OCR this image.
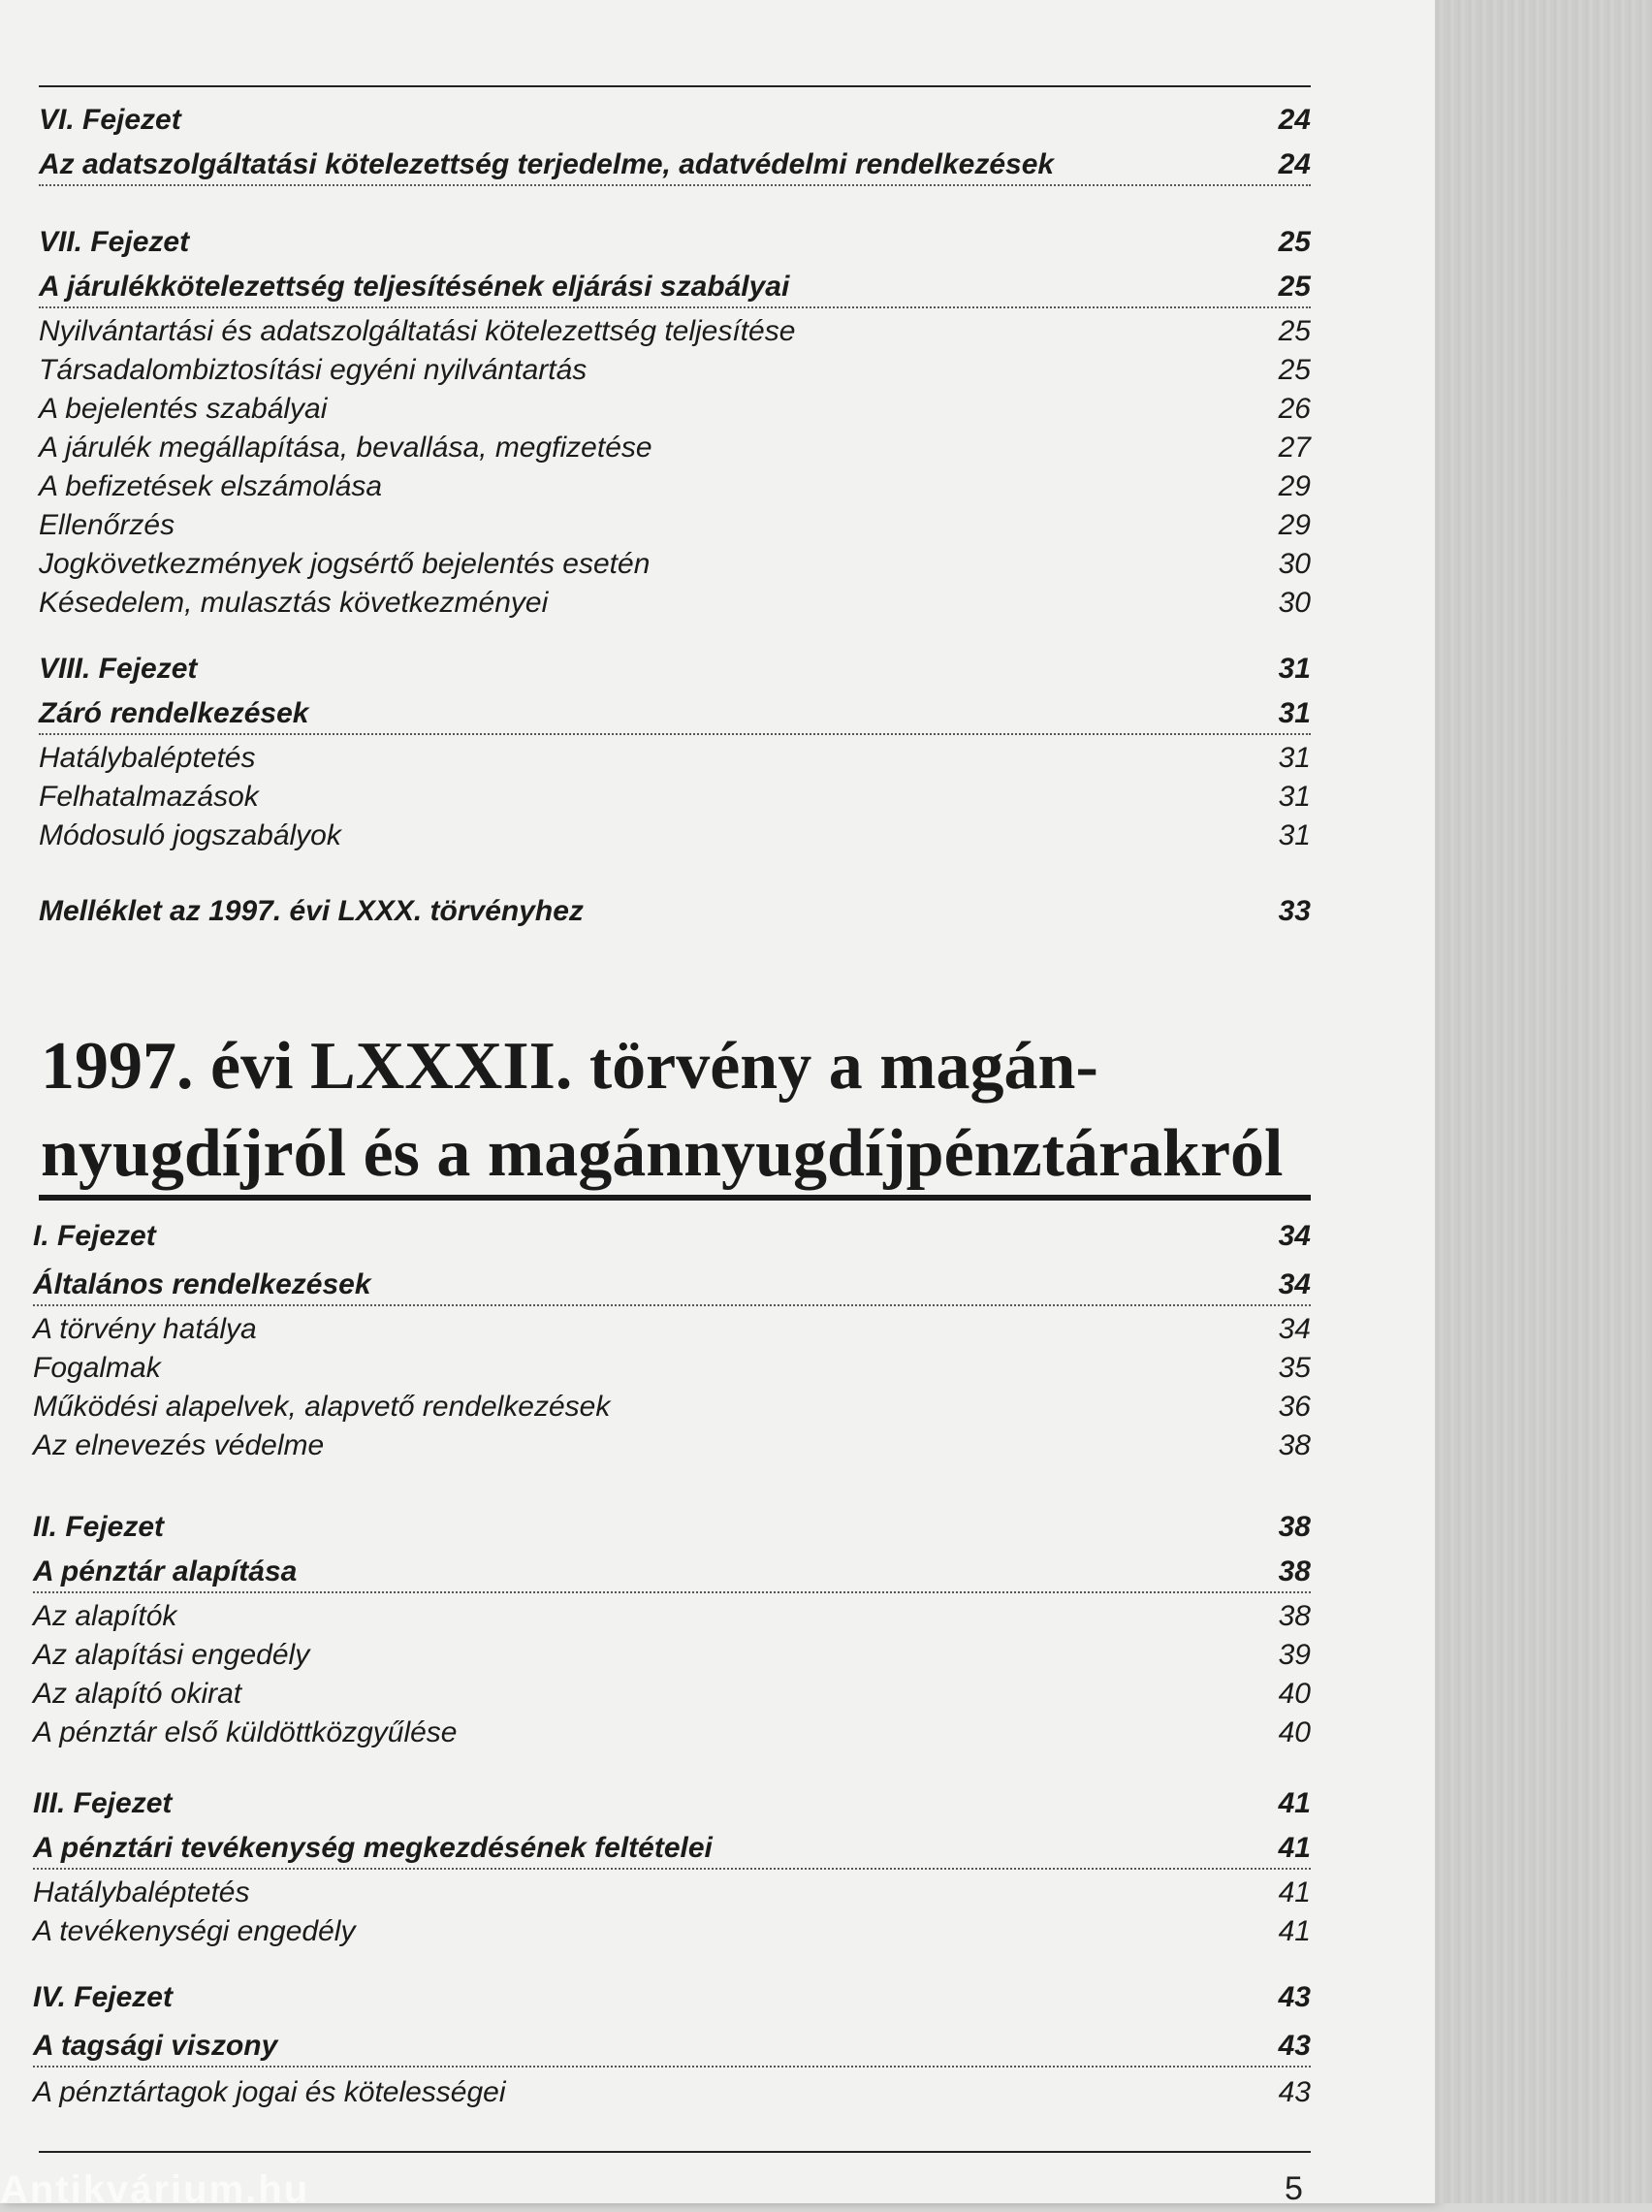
VI. Fejezet	24
Az adatszolgáltatási kötelezettség terjedelme, adatvédelmi rendelkezések	24
VII. Fejezet	25
A járulékkötelezettség teljesítésének eljárási szabályai	25
Nyilvántartási és adatszolgáltatási kötelezettség teljesítése	25
Társadalombiztosítási egyéni nyilvántartás	25
A bejelentés szabályai	26
A járulék megállapítása, bevallása, megfizetése	27
A befizetések elszámolása	29
Ellenőrzés	29
Jogkövetkezmények jogsértő bejelentés esetén	30
Késedelem, mulasztás következményei	30
VIII. Fejezet	31
Záró rendelkezések	31
Hatálybaléptetés	31
Felhatalmazások	31
Módosuló jogszabályok	31
Melléklet az 1997. évi LXXX. törvényhez	33
1997. évi LXXXII. törvény a magán-
nyugdíjról és a magánnyugdíjpénztárakról
I. Fejezet	34
Általános rendelkezések	34
A törvény hatálya	34
Fogalmak	35
Működési alapelvek, alapvető rendelkezések	36
Az elnevezés védelme	38
II. Fejezet	38
A pénztár alapítása	38
Az alapítók	38
Az alapítási engedély	39
Az alapító okirat	40
A pénztár első küldöttközgyűlése	40
III. Fejezet	41
A pénztári tevékenység megkezdésének feltételei	41
Hatálybaléptetés	41
A tevékenységi engedély	41
IV. Fejezet	43
A tagsági viszony	43
A pénztártagok jogai és kötelességei	43
5
Antikvárium.hu
